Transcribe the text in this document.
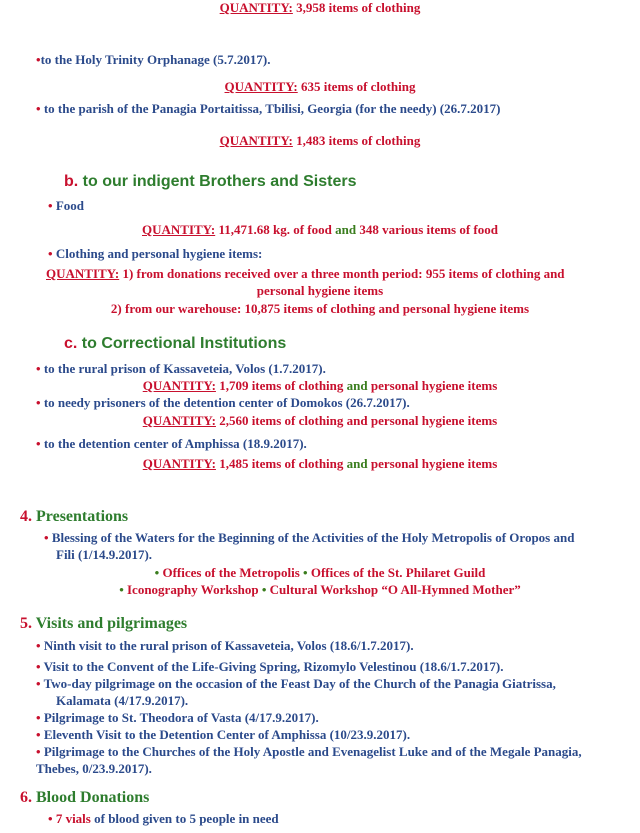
QUANTITY: 3,958 items of clothing
•to the Holy Trinity Orphanage (5.7.2017).
QUANTITY: 635 items of clothing
• to the parish of the Panagia Portaitissa, Tbilisi, Georgia (for the needy) (26.7.2017)
QUANTITY: 1,483 items of clothing
b. to our indigent Brothers and Sisters
• Food
QUANTITY: 11,471.68 kg. of food and 348 various items of food
• Clothing and personal hygiene items:
QUANTITY: 1) from donations received over a three month period: 955 items of clothing and
personal hygiene items
2) from our warehouse: 10,875 items of clothing and personal hygiene items
c. to Correctional Institutions
• to the rural prison of Kassaveteia, Volos (1.7.2017).
QUANTITY: 1,709 items of clothing and personal hygiene items
• to needy prisoners of the detention center of Domokos (26.7.2017).
QUANTITY: 2,560 items of clothing and personal hygiene items
• to the detention center of Amphissa (18.9.2017).
QUANTITY: 1,485 items of clothing and personal hygiene items
4. Presentations
• Blessing of the Waters for the Beginning of the Activities of the Holy Metropolis of Oropos and
Fili (1/14.9.2017).
• Offices of the Metropolis • Offices of the St. Philaret Guild
• Iconography Workshop • Cultural Workshop “O All-Hymned Mother”
5. Visits and pilgrimages
• Ninth visit to the rural prison of Kassaveteia, Volos (18.6/1.7.2017).
• Visit to the Convent of the Life-Giving Spring, Rizomylo Velestinou (18.6/1.7.2017).
• Two-day pilgrimage on the occasion of the Feast Day of the Church of the Panagia Giatrissa,
Kalamata (4/17.9.2017).
• Pilgrimage to St. Theodora of Vasta (4/17.9.2017).
• Eleventh Visit to the Detention Center of Amphissa (10/23.9.2017).
• Pilgrimage to the Churches of the Holy Apostle and Evenagelist Luke and of the Megale Panagia,
Thebes, 0/23.9.2017).
6. Blood Donations
• 7 vials of blood given to 5 people in need
